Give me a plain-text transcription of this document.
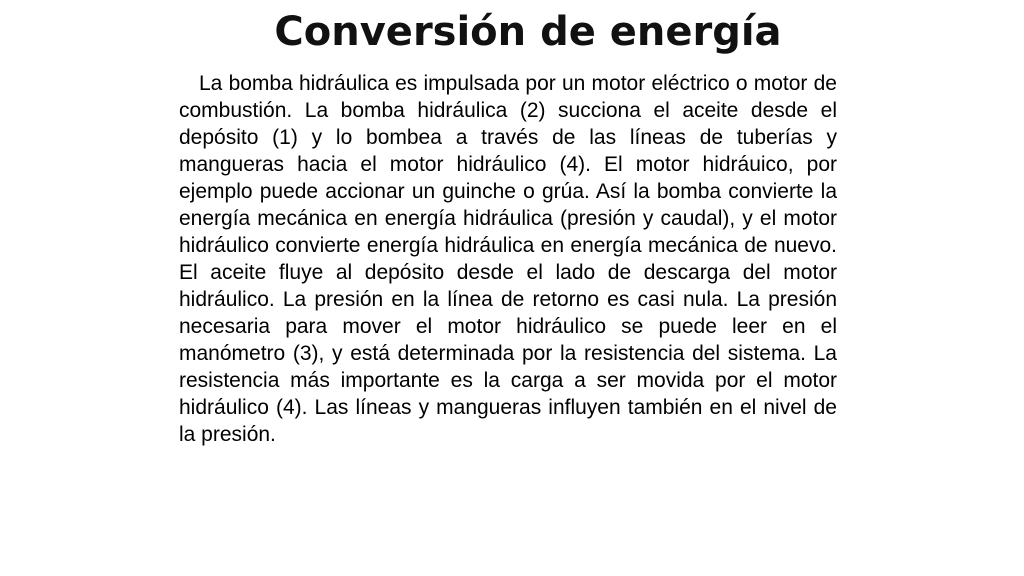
Conversión de energía

La bomba hidráulica es impulsada por un motor eléctrico o motor de combustión. La bomba hidráulica (2) succiona el aceite desde el depósito (1) y lo bombea a través de las líneas de tuberías y mangueras hacia el motor hidráulico (4). El motor hidráuico, por ejemplo puede accionar un guinche o grúa. Así la bomba convierte la energía mecánica en energía hidráulica (presión y caudal), y el motor hidráulico convierte energía hidráulica en energía mecánica de nuevo. El aceite fluye al depósito desde el lado de descarga del motor hidráulico. La presión en la línea de retorno es casi nula. La presión necesaria para mover el motor hidráulico se puede leer en el manómetro (3), y está determinada por la resistencia del sistema. La resistencia más importante es la carga a ser movida por el motor hidráulico (4). Las líneas y mangueras influyen también en el nivel de la presión.
